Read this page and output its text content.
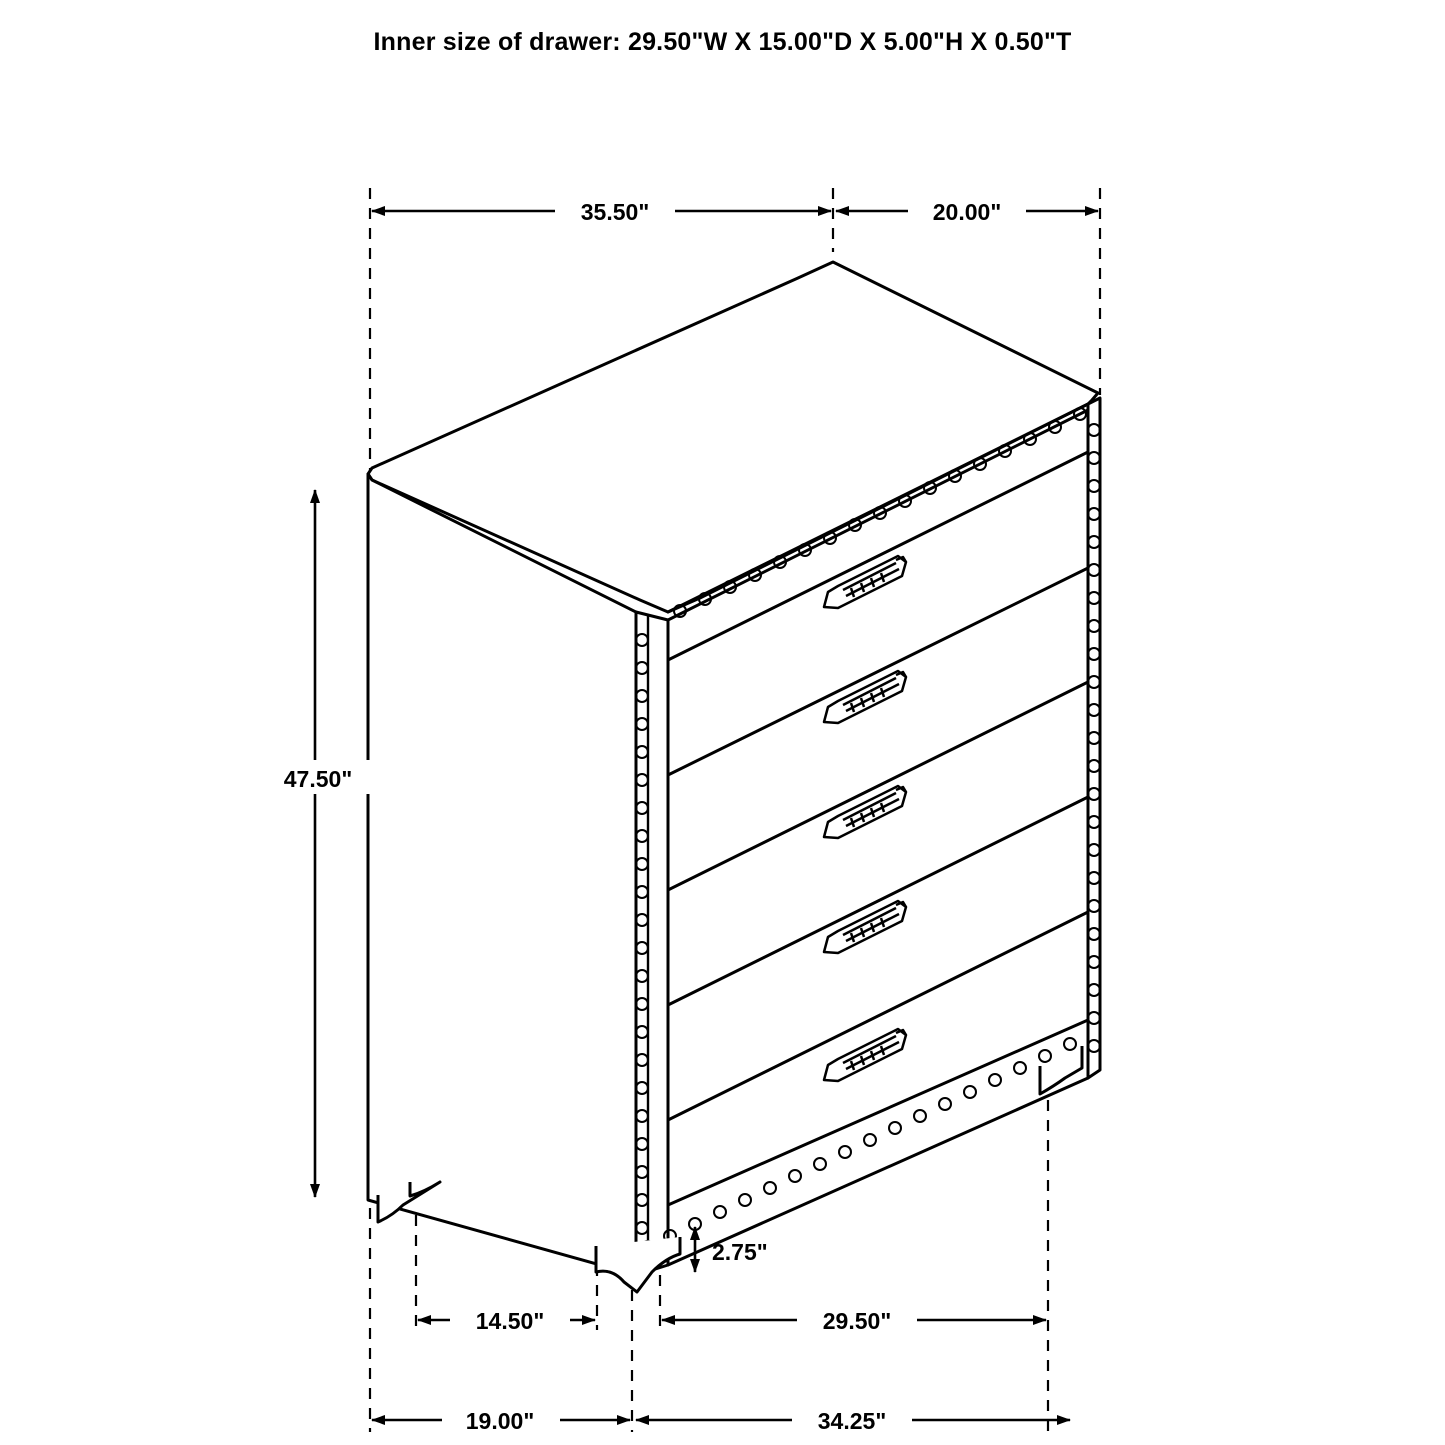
Inner size of drawer: 29.50"W X 15.00"D X 5.00"H X 0.50"T
35.50"	20.00"
47.50"
2.75"
14.50"	29.50"
19.00"	34.25"
